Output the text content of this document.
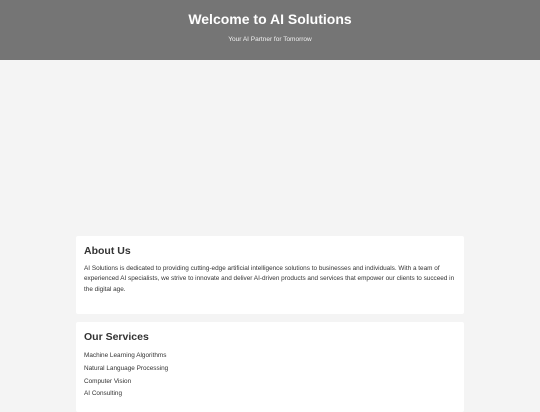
Welcome to AI Solutions

Your AI Partner for Tomorrow

About Us

AI Solutions is dedicated to providing cutting-edge artificial intelligence solutions to businesses and individuals. With a team of experienced AI specialists, we strive to innovate and deliver AI-driven products and services that empower our clients to succeed in the digital age.

Our Services
Machine Learning Algorithms
Natural Language Processing
Computer Vision
AI Consulting
